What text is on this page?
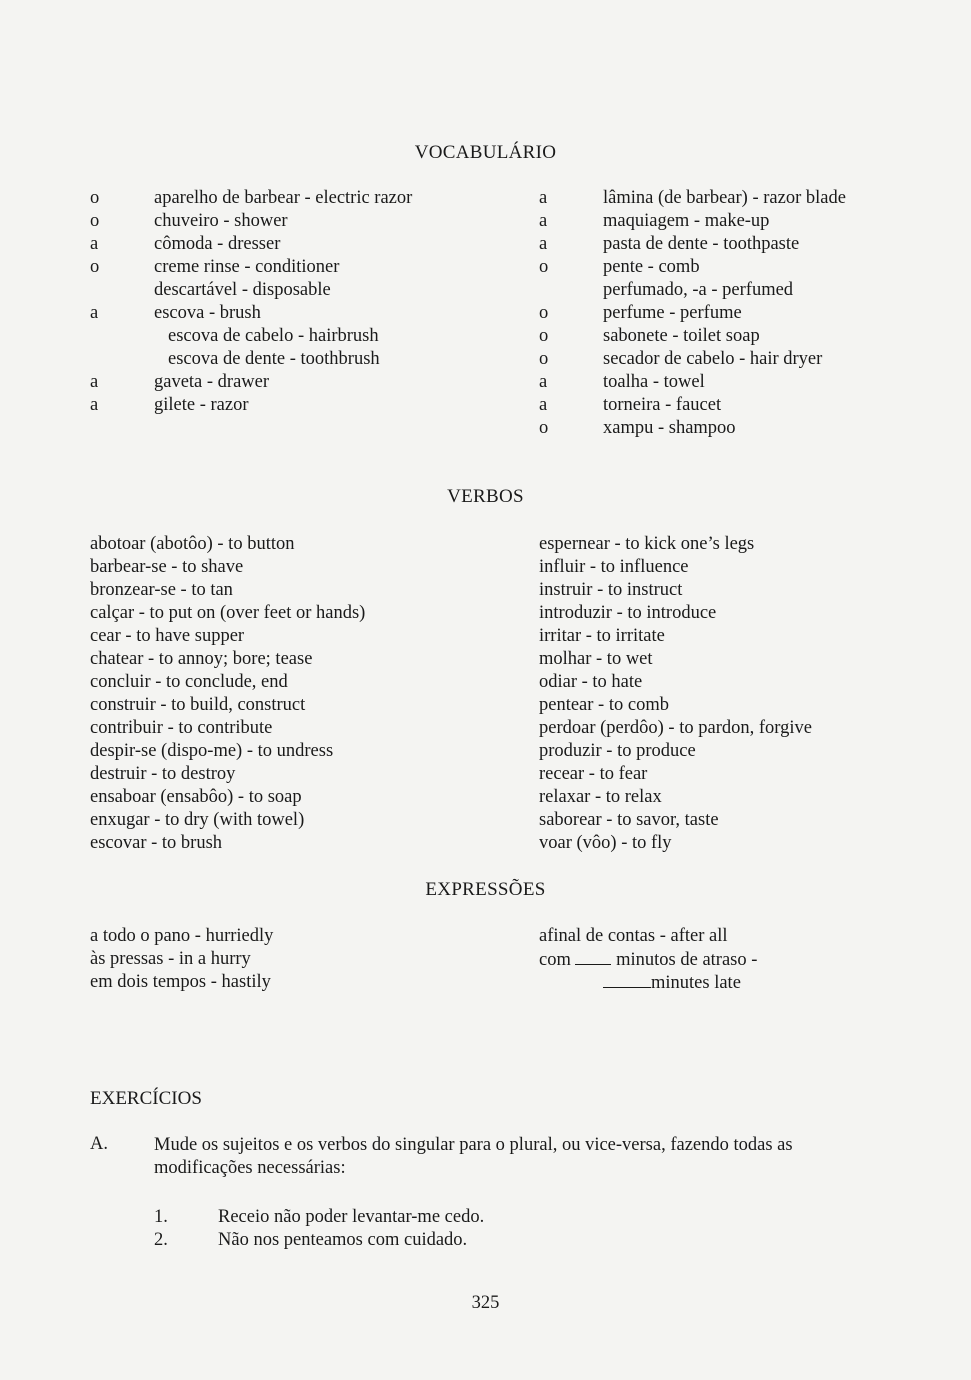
VOCABULÁRIO
o	aparelho de barbear - electric razor
o	chuveiro - shower
a	cômoda - dresser
o	creme rinse - conditioner
descartável - disposable
a	escova - brush
escova de cabelo - hairbrush
escova de dente - toothbrush
a	gaveta - drawer
a	gilete - razor
a	lâmina (de barbear) - razor blade
a	maquiagem - make-up
a	pasta de dente - toothpaste
o	pente - comb
perfumado, -a - perfumed
o	perfume - perfume
o	sabonete - toilet soap
o	secador de cabelo - hair dryer
a	toalha - towel
a	torneira - faucet
o	xampu - shampoo
VERBOS
abotoar (abotôo) - to button
barbear-se - to shave
bronzear-se - to tan
calçar - to put on (over feet or hands)
cear - to have supper
chatear - to annoy; bore; tease
concluir - to conclude, end
construir - to build, construct
contribuir - to contribute
despir-se (dispo-me) - to undress
destruir - to destroy
ensaboar (ensabôo) - to soap
enxugar - to dry (with towel)
escovar - to brush
espernear - to kick one’s legs
influir - to influence
instruir - to instruct
introduzir - to introduce
irritar - to irritate
molhar - to wet
odiar - to hate
pentear - to comb
perdoar (perdôo) - to pardon, forgive
produzir - to produce
recear - to fear
relaxar - to relax
saborear - to savor, taste
voar (vôo) - to fly
EXPRESSÕES
a todo o pano - hurriedly
às pressas - in a hurry
em dois tempos - hastily
afinal de contas - after all
com minutos de atraso -
minutes late
EXERCÍCIOS
A. Mude os sujeitos e os verbos do singular para o plural, ou vice-versa, fazendo todas as modificações necessárias:
1.	Receio não poder levantar-me cedo.
2.	Não nos penteamos com cuidado.
325
